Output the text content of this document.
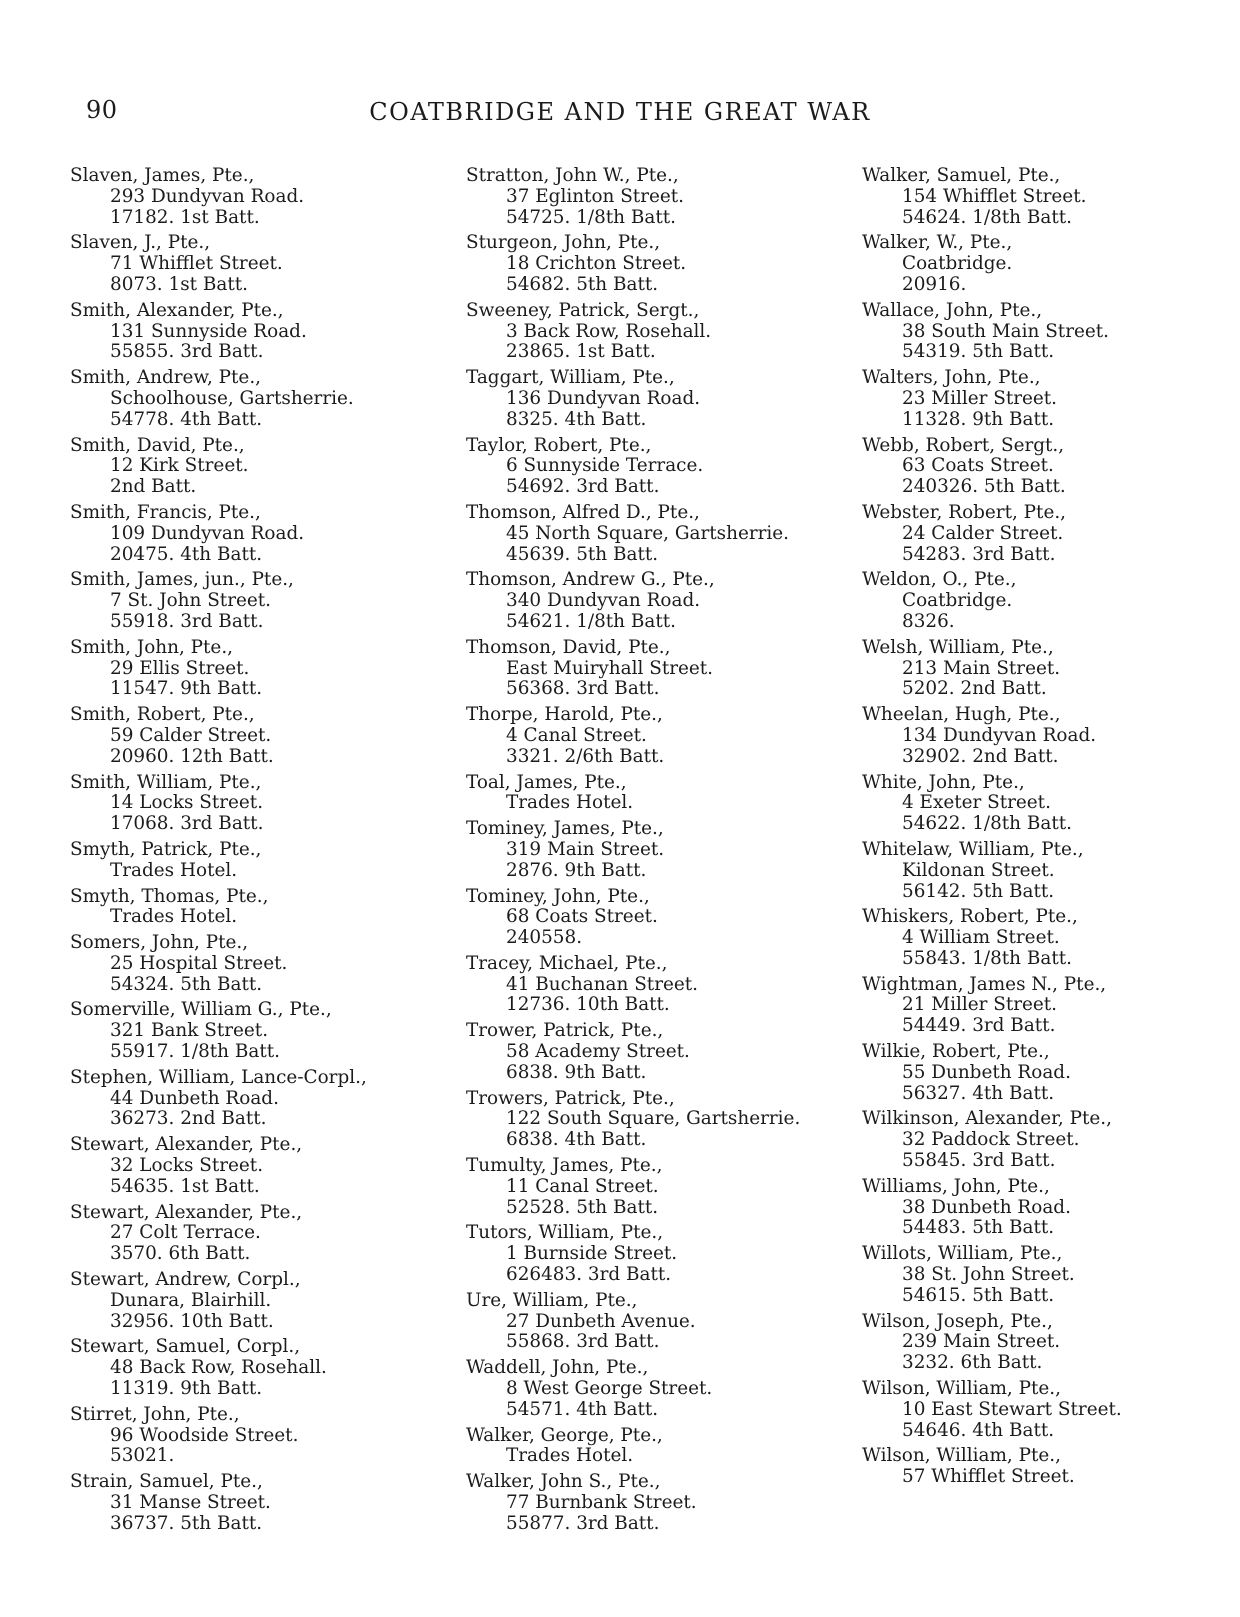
90	COATBRIDGE AND THE GREAT WAR
Slaven, James, Pte.,
293 Dundyvan Road.
17182. 1st Batt.
Slaven, J., Pte.,
71 Whifflet Street.
8073. 1st Batt.
Smith, Alexander, Pte.,
131 Sunnyside Road.
55855. 3rd Batt.
Smith, Andrew, Pte.,
Schoolhouse, Gartsherrie.
54778. 4th Batt.
Smith, David, Pte.,
12 Kirk Street.
2nd Batt.
Smith, Francis, Pte.,
109 Dundyvan Road.
20475. 4th Batt.
Smith, James, jun., Pte.,
7 St. John Street.
55918. 3rd Batt.
Smith, John, Pte.,
29 Ellis Street.
11547. 9th Batt.
Smith, Robert, Pte.,
59 Calder Street.
20960. 12th Batt.
Smith, William, Pte.,
14 Locks Street.
17068. 3rd Batt.
Smyth, Patrick, Pte.,
Trades Hotel.
Smyth, Thomas, Pte.,
Trades Hotel.
Somers, John, Pte.,
25 Hospital Street.
54324. 5th Batt.
Somerville, William G., Pte.,
321 Bank Street.
55917. 1/8th Batt.
Stephen, William, Lance-Corpl.,
44 Dunbeth Road.
36273. 2nd Batt.
Stewart, Alexander, Pte.,
32 Locks Street.
54635. 1st Batt.
Stewart, Alexander, Pte.,
27 Colt Terrace.
3570. 6th Batt.
Stewart, Andrew, Corpl.,
Dunara, Blairhill.
32956. 10th Batt.
Stewart, Samuel, Corpl.,
48 Back Row, Rosehall.
11319. 9th Batt.
Stirret, John, Pte.,
96 Woodside Street.
53021.
Strain, Samuel, Pte.,
31 Manse Street.
36737. 5th Batt.
Stratton, John W., Pte.,
37 Eglinton Street.
54725. 1/8th Batt.
Sturgeon, John, Pte.,
18 Crichton Street.
54682. 5th Batt.
Sweeney, Patrick, Sergt.,
3 Back Row, Rosehall.
23865. 1st Batt.
Taggart, William, Pte.,
136 Dundyvan Road.
8325. 4th Batt.
Taylor, Robert, Pte.,
6 Sunnyside Terrace.
54692. 3rd Batt.
Thomson, Alfred D., Pte.,
45 North Square, Gartsherrie.
45639. 5th Batt.
Thomson, Andrew G., Pte.,
340 Dundyvan Road.
54621. 1/8th Batt.
Thomson, David, Pte.,
East Muiryhall Street.
56368. 3rd Batt.
Thorpe, Harold, Pte.,
4 Canal Street.
3321. 2/6th Batt.
Toal, James, Pte.,
Trades Hotel.
Tominey, James, Pte.,
319 Main Street.
2876. 9th Batt.
Tominey, John, Pte.,
68 Coats Street.
240558.
Tracey, Michael, Pte.,
41 Buchanan Street.
12736. 10th Batt.
Trower, Patrick, Pte.,
58 Academy Street.
6838. 9th Batt.
Trowers, Patrick, Pte.,
122 South Square, Gartsherrie.
6838. 4th Batt.
Tumulty, James, Pte.,
11 Canal Street.
52528. 5th Batt.
Tutors, William, Pte.,
1 Burnside Street.
626483. 3rd Batt.
Ure, William, Pte.,
27 Dunbeth Avenue.
55868. 3rd Batt.
Waddell, John, Pte.,
8 West George Street.
54571. 4th Batt.
Walker, George, Pte.,
Trades Hotel.
Walker, John S., Pte.,
77 Burnbank Street.
55877. 3rd Batt.
Walker, Samuel, Pte.,
154 Whifflet Street.
54624. 1/8th Batt.
Walker, W., Pte.,
Coatbridge.
20916.
Wallace, John, Pte.,
38 South Main Street.
54319. 5th Batt.
Walters, John, Pte.,
23 Miller Street.
11328. 9th Batt.
Webb, Robert, Sergt.,
63 Coats Street.
240326. 5th Batt.
Webster, Robert, Pte.,
24 Calder Street.
54283. 3rd Batt.
Weldon, O., Pte.,
Coatbridge.
8326.
Welsh, William, Pte.,
213 Main Street.
5202. 2nd Batt.
Wheelan, Hugh, Pte.,
134 Dundyvan Road.
32902. 2nd Batt.
White, John, Pte.,
4 Exeter Street.
54622. 1/8th Batt.
Whitelaw, William, Pte.,
Kildonan Street.
56142. 5th Batt.
Whiskers, Robert, Pte.,
4 William Street.
55843. 1/8th Batt.
Wightman, James N., Pte.,
21 Miller Street.
54449. 3rd Batt.
Wilkie, Robert, Pte.,
55 Dunbeth Road.
56327. 4th Batt.
Wilkinson, Alexander, Pte.,
32 Paddock Street.
55845. 3rd Batt.
Williams, John, Pte.,
38 Dunbeth Road.
54483. 5th Batt.
Willots, William, Pte.,
38 St. John Street.
54615. 5th Batt.
Wilson, Joseph, Pte.,
239 Main Street.
3232. 6th Batt.
Wilson, William, Pte.,
10 East Stewart Street.
54646. 4th Batt.
Wilson, William, Pte.,
57 Whifflet Street.
